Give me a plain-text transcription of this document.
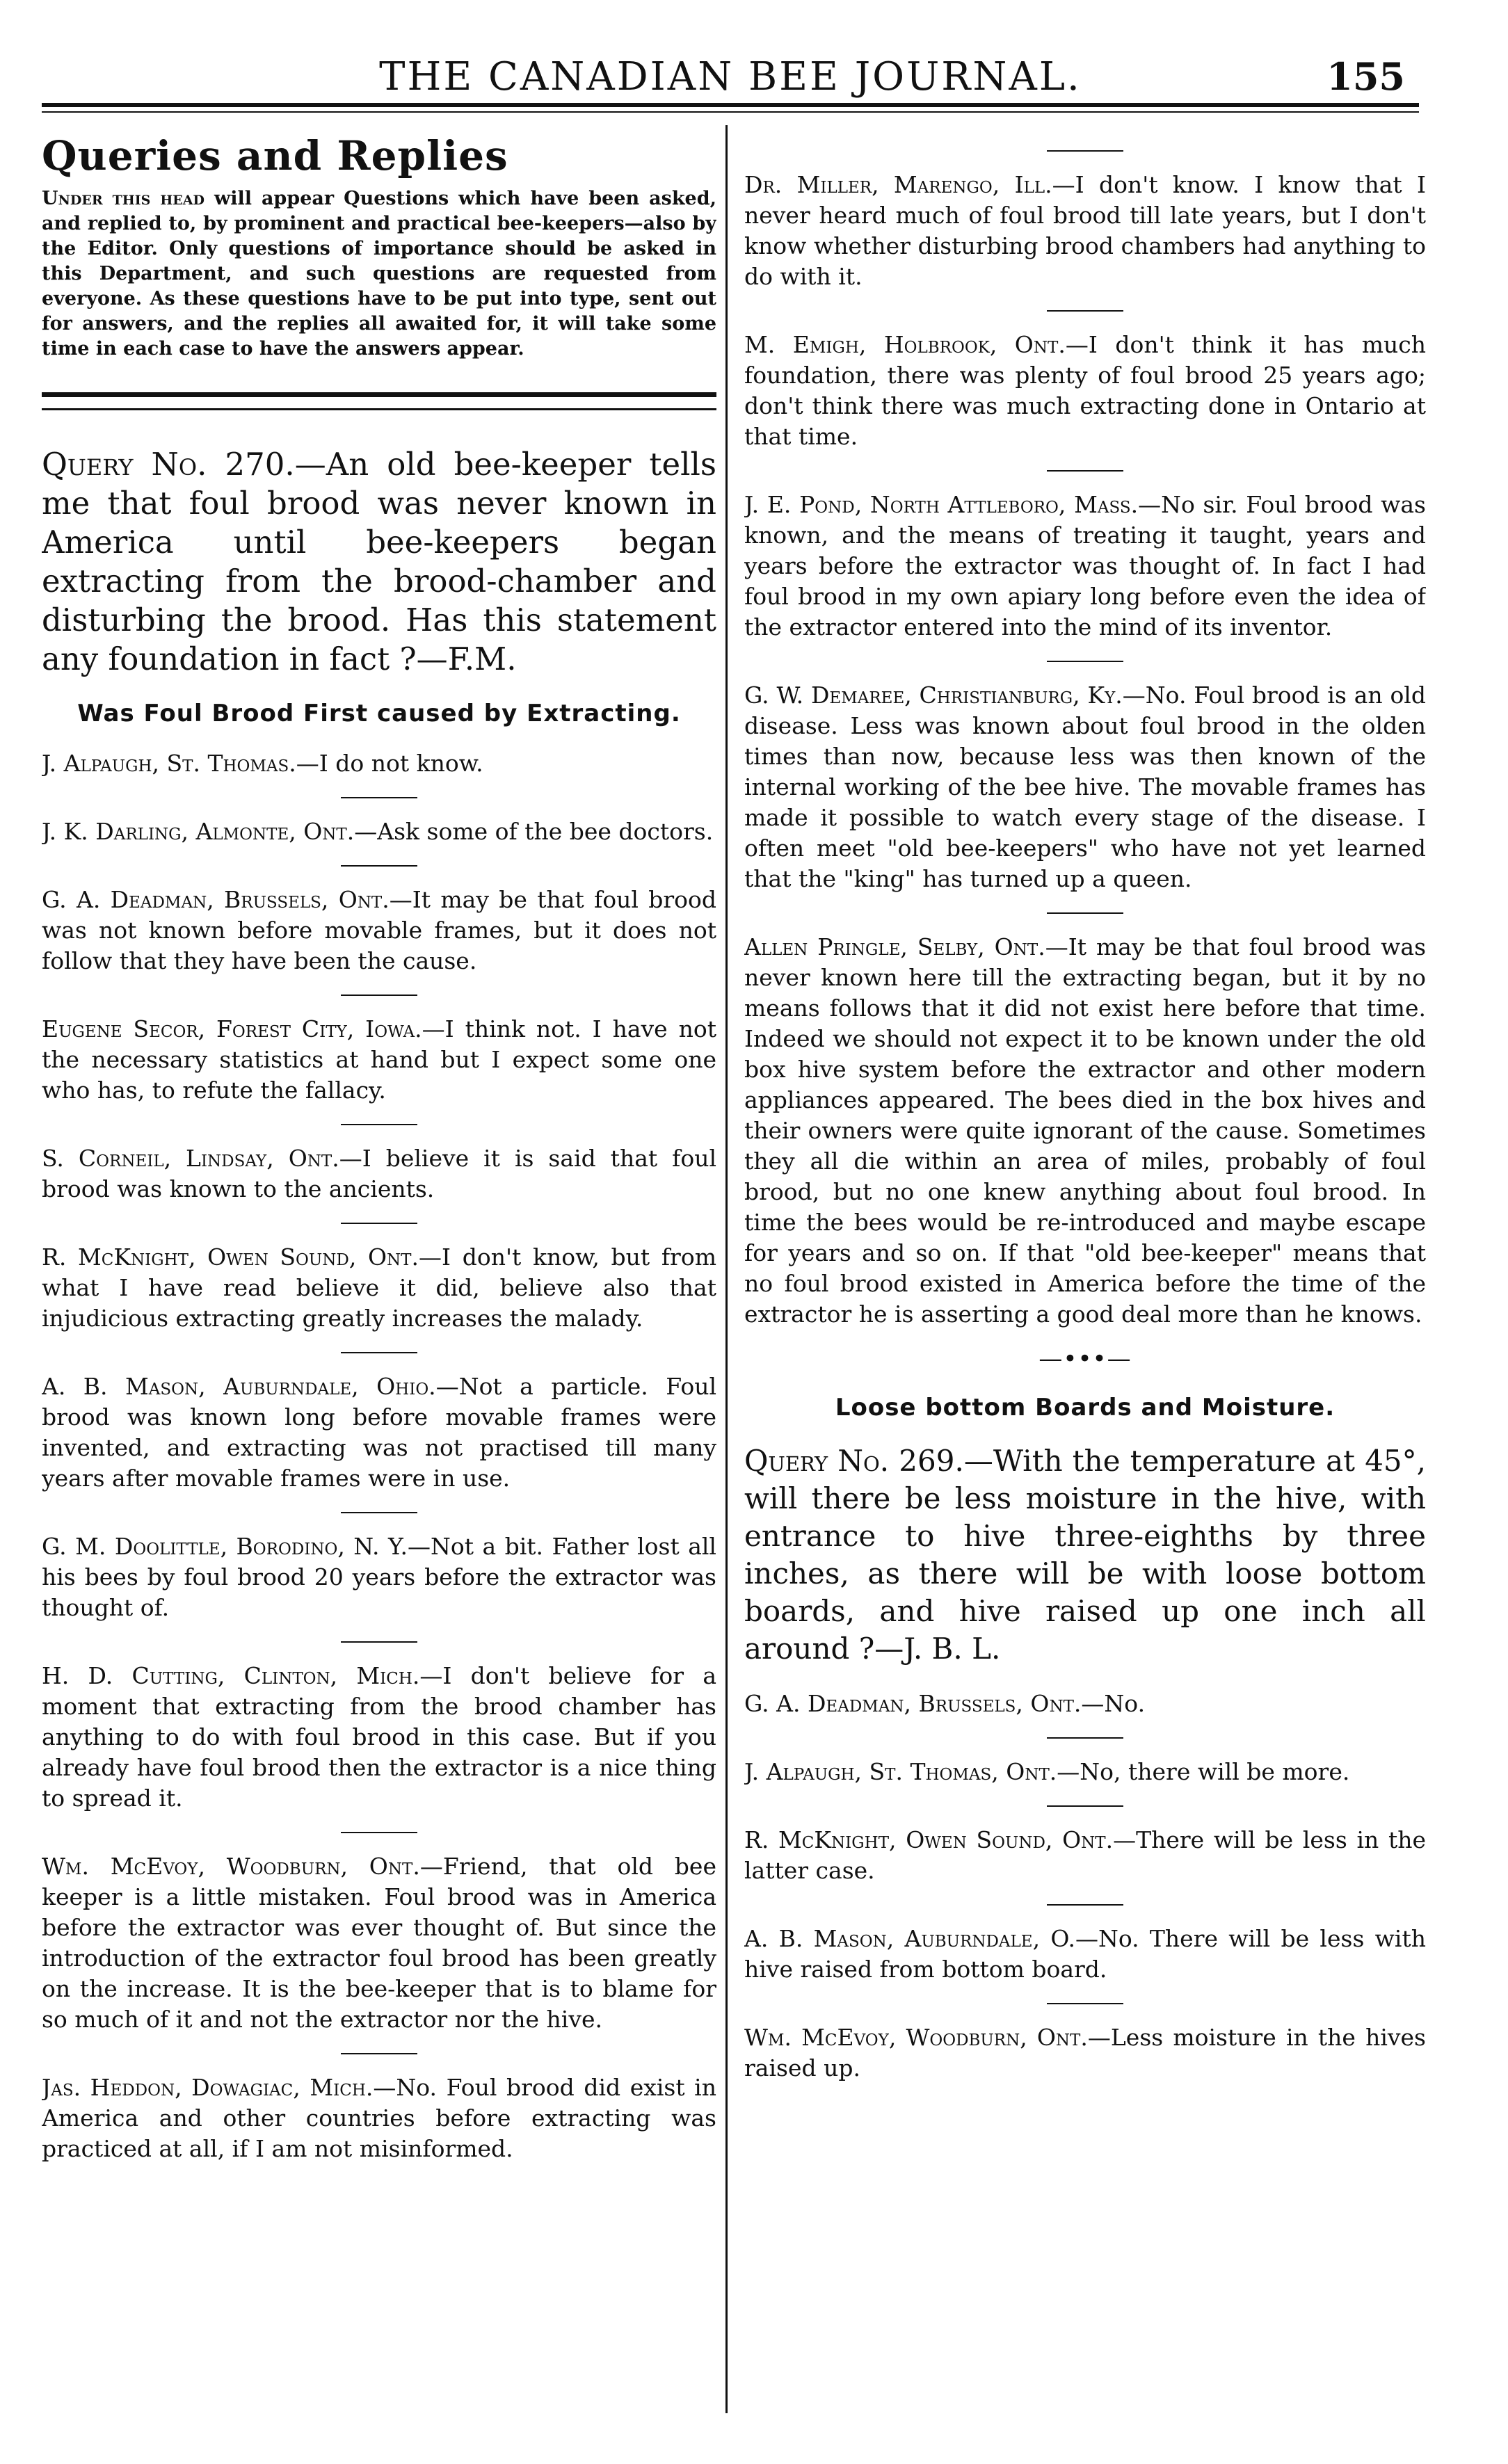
THE CANADIAN BEE JOURNAL.	155
Queries and Replies

Under this head will appear Questions which have been asked, and replied to, by prominent and practical bee-keepers—also by the Editor. Only questions of importance should be asked in this Department, and such questions are requested from everyone. As these questions have to be put into type, sent out for answers, and the replies all awaited for, it will take some time in each case to have the answers appear.

Query No. 270.—An old bee-keeper tells me that foul brood was never known in America until bee-keepers began extracting from the brood-chamber and disturbing the brood. Has this statement any foundation in fact ?—F.M.

Was Foul Brood First caused by Extracting.

J. Alpaugh, St. Thomas.—I do not know.

J. K. Darling, Almonte, Ont.—Ask some of the bee doctors.

G. A. Deadman, Brussels, Ont.—It may be that foul brood was not known before movable frames, but it does not follow that they have been the cause.

Eugene Secor, Forest City, Iowa.—I think not. I have not the necessary statistics at hand but I expect some one who has, to refute the fallacy.

S. Corneil, Lindsay, Ont.—I believe it is said that foul brood was known to the ancients.

R. McKnight, Owen Sound, Ont.—I don't know, but from what I have read believe it did, believe also that injudicious extracting greatly increases the malady.

A. B. Mason, Auburndale, Ohio.—Not a particle. Foul brood was known long before movable frames were invented, and extracting was not practised till many years after movable frames were in use.

G. M. Doolittle, Borodino, N. Y.—Not a bit. Father lost all his bees by foul brood 20 years before the extractor was thought of.

H. D. Cutting, Clinton, Mich.—I don't believe for a moment that extracting from the brood chamber has anything to do with foul brood in this case. But if you already have foul brood then the extractor is a nice thing to spread it.

Wm. McEvoy, Woodburn, Ont.—Friend, that old bee keeper is a little mistaken. Foul brood was in America before the extractor was ever thought of. But since the introduction of the extractor foul brood has been greatly on the increase. It is the bee-keeper that is to blame for so much of it and not the extractor nor the hive.

Jas. Heddon, Dowagiac, Mich.—No. Foul brood did exist in America and other countries before extracting was practiced at all, if I am not misinformed.

Dr. Miller, Marengo, Ill.—I don't know. I know that I never heard much of foul brood till late years, but I don't know whether disturbing brood chambers had anything to do with it.

M. Emigh, Holbrook, Ont.—I don't think it has much foundation, there was plenty of foul brood 25 years ago; don't think there was much extracting done in Ontario at that time.

J. E. Pond, North Attleboro, Mass.—No sir. Foul brood was known, and the means of treating it taught, years and years before the extractor was thought of. In fact I had foul brood in my own apiary long before even the idea of the extractor entered into the mind of its inventor.

G. W. Demaree, Christianburg, Ky.—No. Foul brood is an old disease. Less was known about foul brood in the olden times than now, because less was then known of the internal working of the bee hive. The movable frames has made it possible to watch every stage of the disease. I often meet "old bee-keepers" who have not yet learned that the "king" has turned up a queen.

Allen Pringle, Selby, Ont.—It may be that foul brood was never known here till the extracting began, but it by no means follows that it did not exist here before that time. Indeed we should not expect it to be known under the old box hive system before the extractor and other modern appliances appeared. The bees died in the box hives and their owners were quite ignorant of the cause. Sometimes they all die within an area of miles, probably of foul brood, but no one knew anything about foul brood. In time the bees would be re-introduced and maybe escape for years and so on. If that "old bee-keeper" means that no foul brood existed in America before the time of the extractor he is asserting a good deal more than he knows.

—•••—
Loose bottom Boards and Moisture.

Query No. 269.—With the temperature at 45°, will there be less moisture in the hive, with entrance to hive three-eighths by three inches, as there will be with loose bottom boards, and hive raised up one inch all around ?—J. B. L.

G. A. Deadman, Brussels, Ont.—No.

J. Alpaugh, St. Thomas, Ont.—No, there will be more.

R. McKnight, Owen Sound, Ont.—There will be less in the latter case.

A. B. Mason, Auburndale, O.—No. There will be less with hive raised from bottom board.

Wm. McEvoy, Woodburn, Ont.—Less moisture in the hives raised up.
